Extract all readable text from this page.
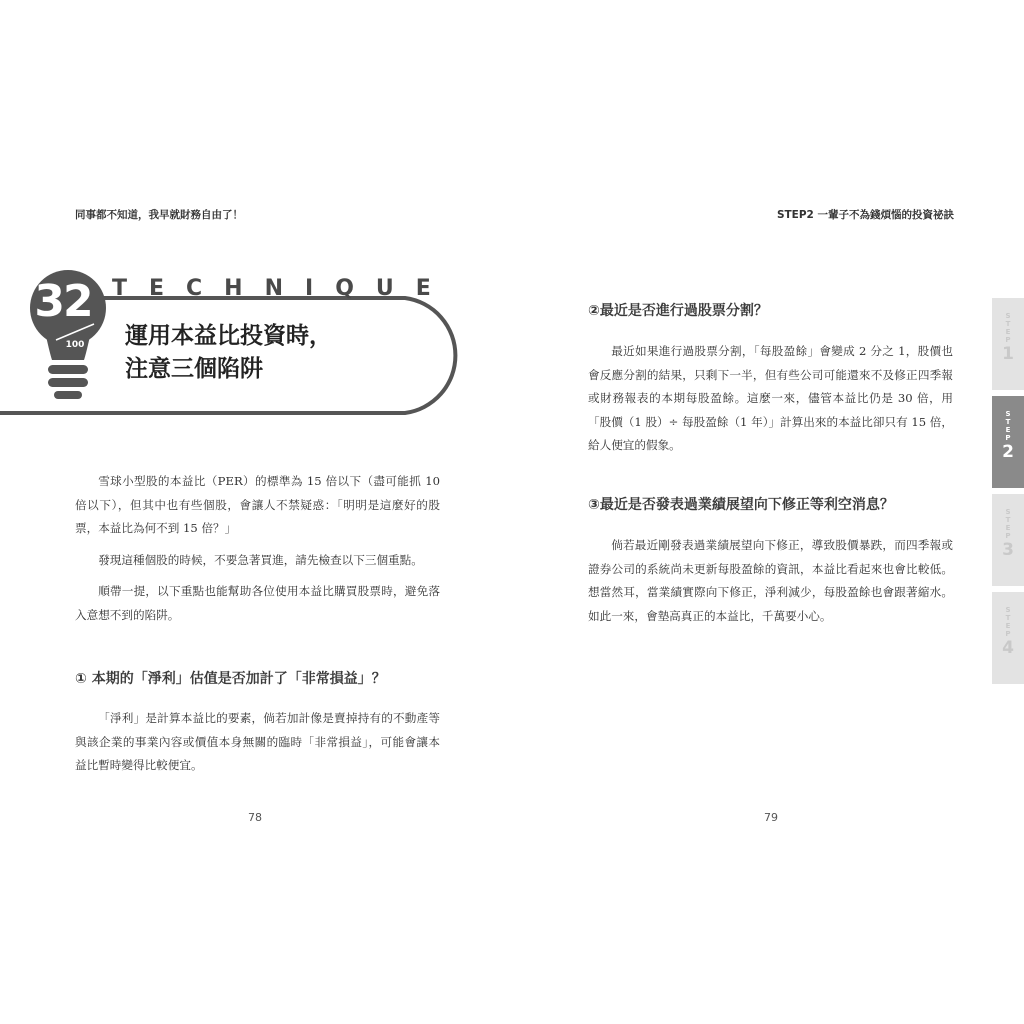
同事都不知道，我早就財務自由了！
32
100
TECHNIQUE
運用本益比投資時，
注意三個陷阱

雪球小型股的本益比（PER）的標準為 15 倍以下（盡可能抓 10 倍以下），但其中也有些個股，會讓人不禁疑惑：「明明是這麼好的股票，本益比為何不到 15 倍？」

發現這種個股的時候，不要急著買進，請先檢查以下三個重點。

順帶一提，以下重點也能幫助各位使用本益比購買股票時，避免落入意想不到的陷阱。

① 本期的「淨利」估值是否加計了「非常損益」？

「淨利」是計算本益比的要素，倘若加計像是賣掉持有的不動產等與該企業的事業內容或價值本身無關的臨時「非常損益」，可能會讓本益比暫時變得比較便宜。

78
STEP2 一輩子不為錢煩惱的投資祕訣
②最近是否進行過股票分割？

最近如果進行過股票分割，「每股盈餘」會變成 2 分之 1，股價也會反應分割的結果，只剩下一半，但有些公司可能還來不及修正四季報或財務報表的本期每股盈餘。這麼一來，儘管本益比仍是 30 倍，用「股價（1 股）÷ 每股盈餘（1 年）」計算出來的本益比卻只有 15 倍，給人便宜的假象。

③最近是否發表過業績展望向下修正等利空消息？

倘若最近剛發表過業績展望向下修正，導致股價暴跌，而四季報或證券公司的系統尚未更新每股盈餘的資訊，本益比看起來也會比較低。想當然耳，當業績實際向下修正，淨利減少，每股盈餘也會跟著縮水。如此一來，會墊高真正的本益比，千萬要小心。

STEP
1
STEP
2
STEP
3
STEP
4
79
